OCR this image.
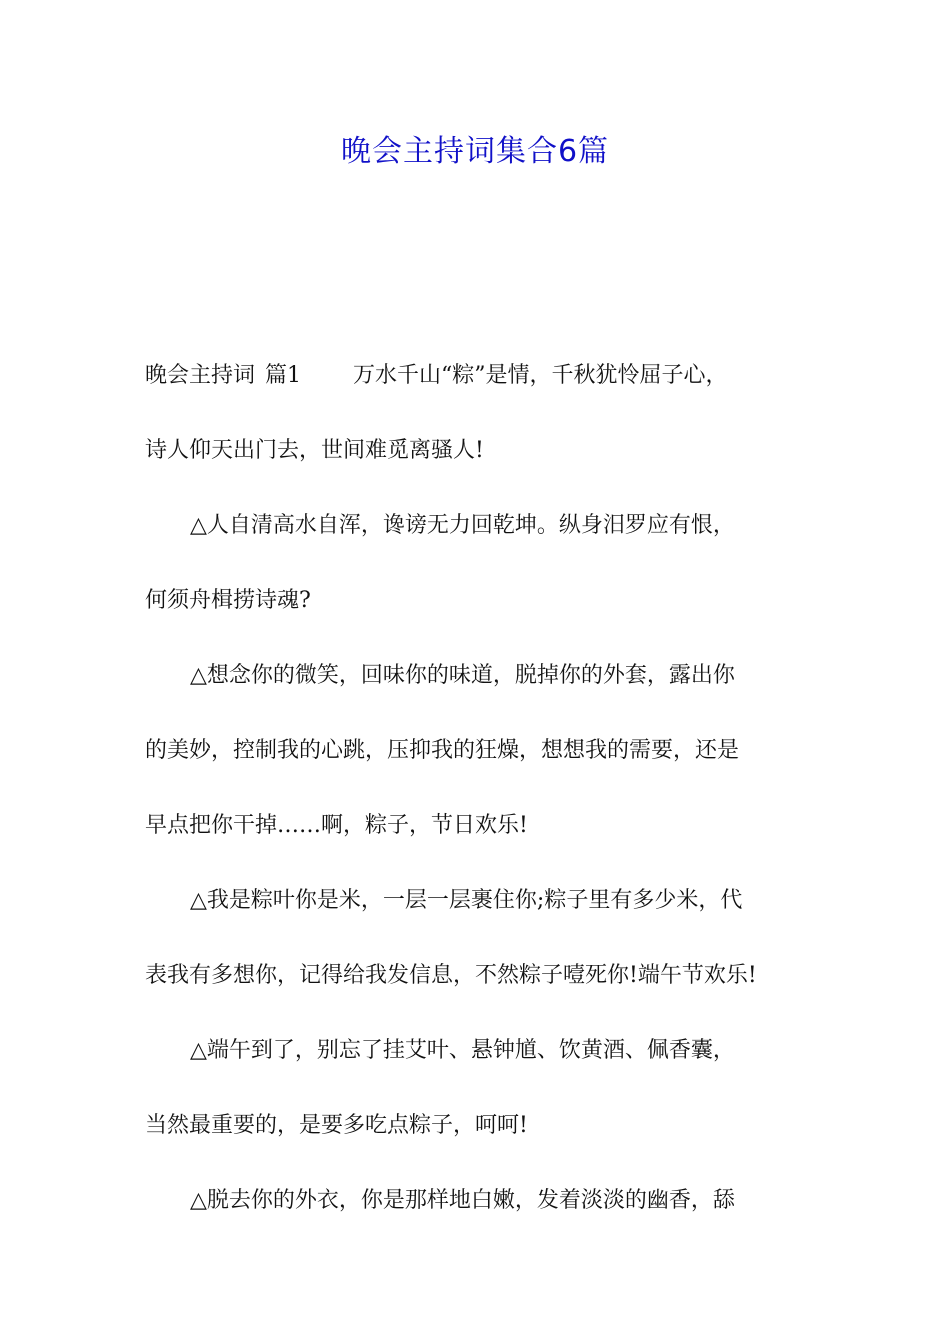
晚会主持词集合6篇
晚会主持词 篇1 万水千山“粽”是情，千秋犹怜屈子心，
诗人仰天出门去，世间难觅离骚人!
△人自清高水自浑，谗谤无力回乾坤。纵身汨罗应有恨，
何须舟楫捞诗魂?
△想念你的微笑，回味你的味道，脱掉你的外套，露出你
的美妙，控制我的心跳，压抑我的狂燥，想想我的需要，还是
早点把你干掉……啊，粽子，节日欢乐!
△我是粽叶你是米，一层一层裹住你;粽子里有多少米，代
表我有多想你，记得给我发信息，不然粽子噎死你!端午节欢乐!
△端午到了，别忘了挂艾叶、悬钟馗、饮黄酒、佩香囊，
当然最重要的，是要多吃点粽子，呵呵!
△脱去你的外衣，你是那样地白嫩，发着淡淡的幽香，舔
